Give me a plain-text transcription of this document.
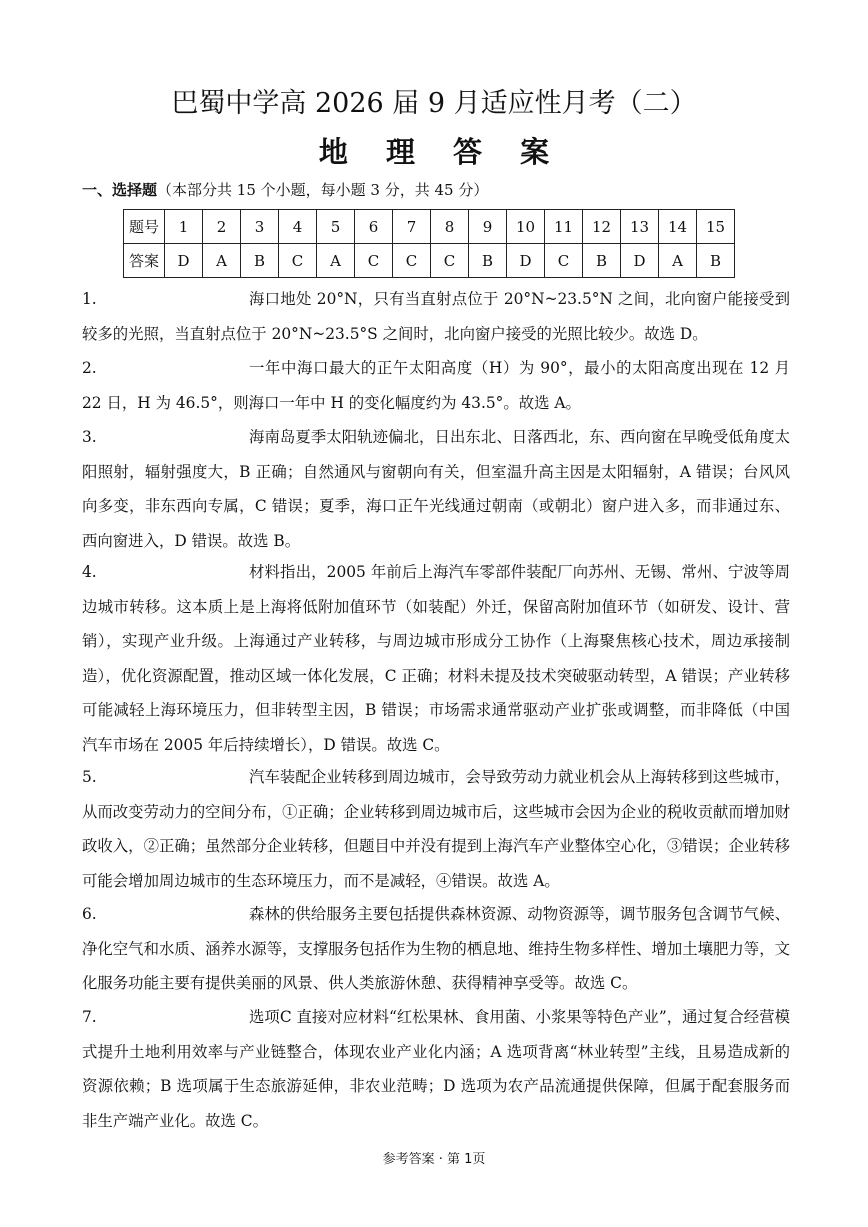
巴蜀中学高 2026 届 9 月适应性月考（二）
地 理 答 案
一、选择题（本部分共 15 个小题，每小题 3 分，共 45 分）
题号	1	2	3	4	5	6	7	8	9	10	11	12	13	14	15
答案	D	A	B	C	A	C	C	C	B	D	C	B	D	A	B
1.	海口地处 20°N，只有当直射点位于 20°N~23.5°N 之间，北向窗户能接受到较多的光照，当直射点位于 20°N~23.5°S 之间时，北向窗户接受的光照比较少。故选 D。

2.	一年中海口最大的正午太阳高度（H）为 90°，最小的太阳高度出现在 12 月 22 日，H 为 46.5°，则海口一年中 H 的变化幅度约为 43.5°。故选 A。

3.	海南岛夏季太阳轨迹偏北，日出东北、日落西北，东、西向窗在早晚受低角度太阳照射，辐射强度大，B 正确；自然通风与窗朝向有关，但室温升高主因是太阳辐射，A 错误；台风风向多变，非东西向专属，C 错误；夏季，海口正午光线通过朝南（或朝北）窗户进入多，而非通过东、西向窗进入，D 错误。故选 B。

4.	材料指出，2005 年前后上海汽车零部件装配厂向苏州、无锡、常州、宁波等周边城市转移。这本质上是上海将低附加值环节（如装配）外迁，保留高附加值环节（如研发、设计、营销），实现产业升级。上海通过产业转移，与周边城市形成分工协作（上海聚焦核心技术，周边承接制造），优化资源配置，推动区域一体化发展，C 正确；材料未提及技术突破驱动转型，A 错误；产业转移可能减轻上海环境压力，但非转型主因，B 错误；市场需求通常驱动产业扩张或调整，而非降低（中国汽车市场在 2005 年后持续增长），D 错误。故选 C。

5.	汽车装配企业转移到周边城市，会导致劳动力就业机会从上海转移到这些城市，从而改变劳动力的空间分布，①正确；企业转移到周边城市后，这些城市会因为企业的税收贡献而增加财政收入，②正确；虽然部分企业转移，但题目中并没有提到上海汽车产业整体空心化，③错误；企业转移可能会增加周边城市的生态环境压力，而不是减轻，④错误。故选 A。

6.	森林的供给服务主要包括提供森林资源、动物资源等，调节服务包含调节气候、净化空气和水质、涵养水源等，支撑服务包括作为生物的栖息地、维持生物多样性、增加土壤肥力等，文化服务功能主要有提供美丽的风景、供人类旅游休憩、获得精神享受等。故选 C。

7.	选项C 直接对应材料“红松果林、食用菌、小浆果等特色产业”，通过复合经营模式提升土地利用效率与产业链整合，体现农业产业化内涵；A 选项背离“林业转型”主线，且易造成新的资源依赖；B 选项属于生态旅游延伸，非农业范畴；D 选项为农产品流通提供保障，但属于配套服务而非生产端产业化。故选 C。

参考答案 · 第 1页
